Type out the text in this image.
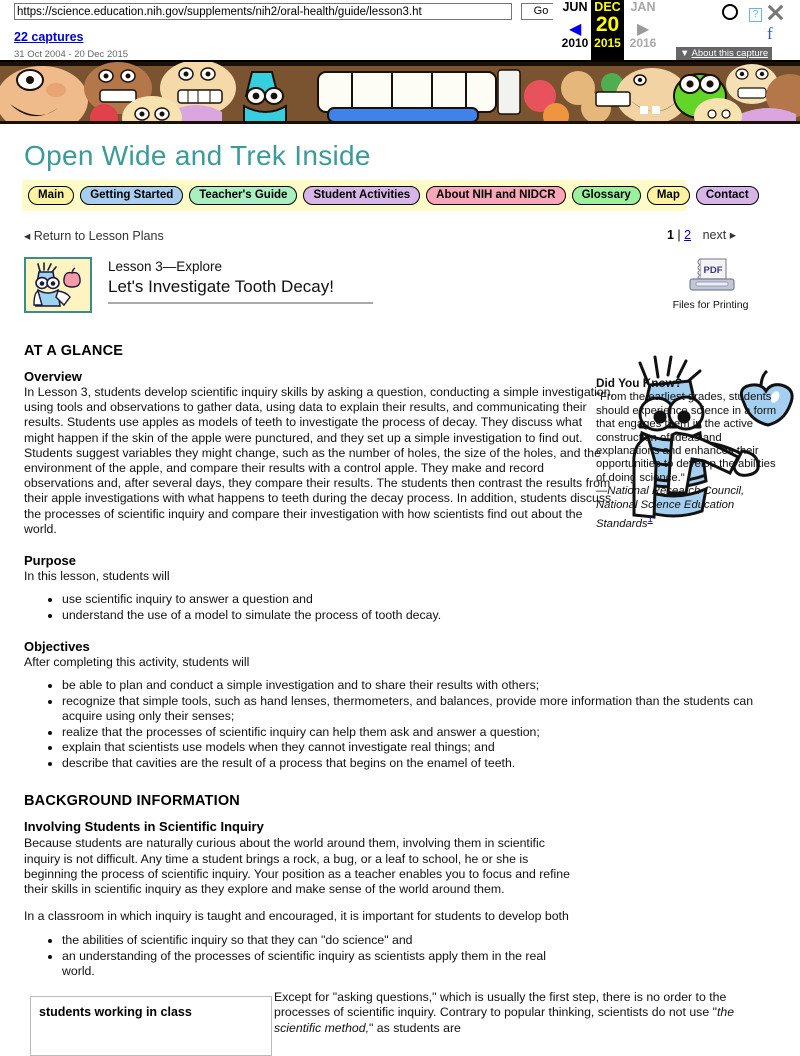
https://science.education.nih.gov/supplements/nih2/oral-health/guide/lesson3.ht
Go
22 captures
31 Oct 2004 - 20 Dec 2015
JUN

2010
◀
DEC
20
2015
▶
JAN

2016
?
f
▼ About this capture
Open Wide and Trek Inside
Main	Getting Started	Teacher's Guide	Student Activities	About NIH and NIDCR	Glossary	Map	Contact
◂ Return to Lesson Plans	1 | 2 next ▸
Lesson 3—Explore
Let's Investigate Tooth Decay!
PDF
Files for Printing
AT A GLANCE
Overview

In Lesson 3, students develop scientific inquiry skills by asking a question, conducting a simple investigation, using tools and observations to gather data, using data to explain their results, and communicating their results. Students use apples as models of teeth to investigate the process of decay. They discuss what might happen if the skin of the apple were punctured, and they set up a simple investigation to find out. Students suggest variables they might change, such as the number of holes, the size of the holes, and the environment of the apple, and compare their results with a control apple. They make and record observations and, after several days, they compare their results. The students then contrast the results from their apple investigations with what happens to teeth during the decay process. In addition, students discuss the processes of scientific inquiry and compare their investigation with how scientists find out about the world.

Purpose

In this lesson, students will

• use scientific inquiry to answer a question and
• understand the use of a model to simulate the process of tooth decay.
Objectives

After completing this activity, students will

• be able to plan and conduct a simple investigation and to share their results with others;
• recognize that simple tools, such as hand lenses, thermometers, and balances, provide more information than the students can acquire using only their senses;
• realize that the processes of scientific inquiry can help them ask and answer a question;
• explain that scientists use models when they cannot investigate real things; and
• describe that cavities are the result of a process that begins on the enamel of teeth.
BACKGROUND INFORMATION
Involving Students in Scientific Inquiry

Because students are naturally curious about the world around them, involving them in scientific inquiry is not difficult. Any time a student brings a rock, a bug, or a leaf to school, he or she is beginning the process of scientific inquiry. Your position as a teacher enables you to focus and refine their skills in scientific inquiry as they explore and make sense of the world around them.

In a classroom in which inquiry is taught and encouraged, it is important for students to develop both

• the abilities of scientific inquiry so that they can "do science" and
• an understanding of the processes of scientific inquiry as scientists apply them in the real world.
Did You Know?
"From the earliest grades, students should experience science in a form that engages them in the active construction of ideas and explanations and enhances their opportunities to develop the abilities of doing science."
—National Research Council, National Science Education Standards$^1$
students working in class
Except for "asking questions," which is usually the first step, there is no order to the processes of scientific inquiry. Contrary to popular thinking, scientists do not use "the scientific method," as students are
